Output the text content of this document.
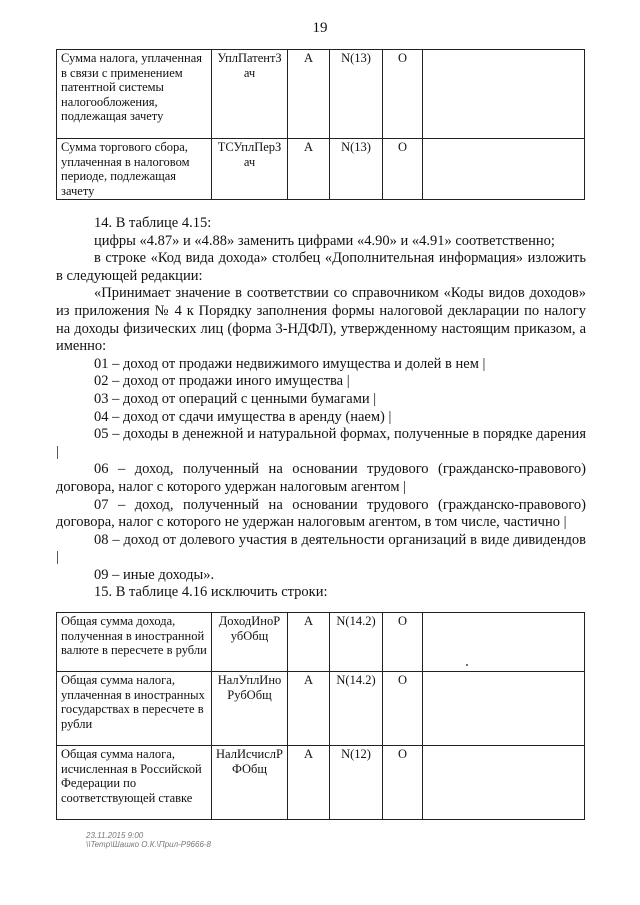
19
Сумма налога, уплаченная в связи с применением патентной системы налогообложения, подлежащая зачету	УплПатентЗач	А	N(13)	О	
Сумма торгового сбора, уплаченная в налоговом периоде, подлежащая зачету	ТСУплПерЗач	А	N(13)	О	

14. В таблице 4.15:

цифры «4.87» и «4.88» заменить цифрами «4.90» и «4.91» соответственно;

в строке «Код вида дохода» столбец «Дополнительная информация» изложить в следующей редакции:

«Принимает значение в соответствии со справочником «Коды видов доходов» из приложения № 4 к Порядку заполнения формы налоговой декларации по налогу на доходы физических лиц (форма 3-НДФЛ), утвержденному настоящим приказом, а именно:

01 – доход от продажи недвижимого имущества и долей в нем |

02 – доход от продажи иного имущества |

03 – доход от операций с ценными бумагами |

04 – доход от сдачи имущества в аренду (наем) |

05 – доходы в денежной и натуральной формах, полученные в порядке дарения |

06 – доход, полученный на основании трудового (гражданско-правового) договора, налог с которого удержан налоговым агентом |

07 – доход, полученный на основании трудового (гражданско-правового) договора, налог с которого не удержан налоговым агентом, в том числе, частично |

08 – доход от долевого участия в деятельности организаций в виде дивидендов |

09 – иные доходы».

15. В таблице 4.16 исключить строки:

Общая сумма дохода, полученная в иностранной валюте в пересчете в рубли	ДоходИноРубОбщ	А	N(14.2)	О	
Общая сумма налога, уплаченная в иностранных государствах в пересчете в рубли	НалУплИноРубОбщ	А	N(14.2)	О	
Общая сумма налога, исчисленная в Российской Федерации по соответствующей ставке	НалИсчислРФОбщ	А	N(12)	О	
23.11.2015 9:00
\\Temp\Шашко О.К.\Прил-Р9666-8
